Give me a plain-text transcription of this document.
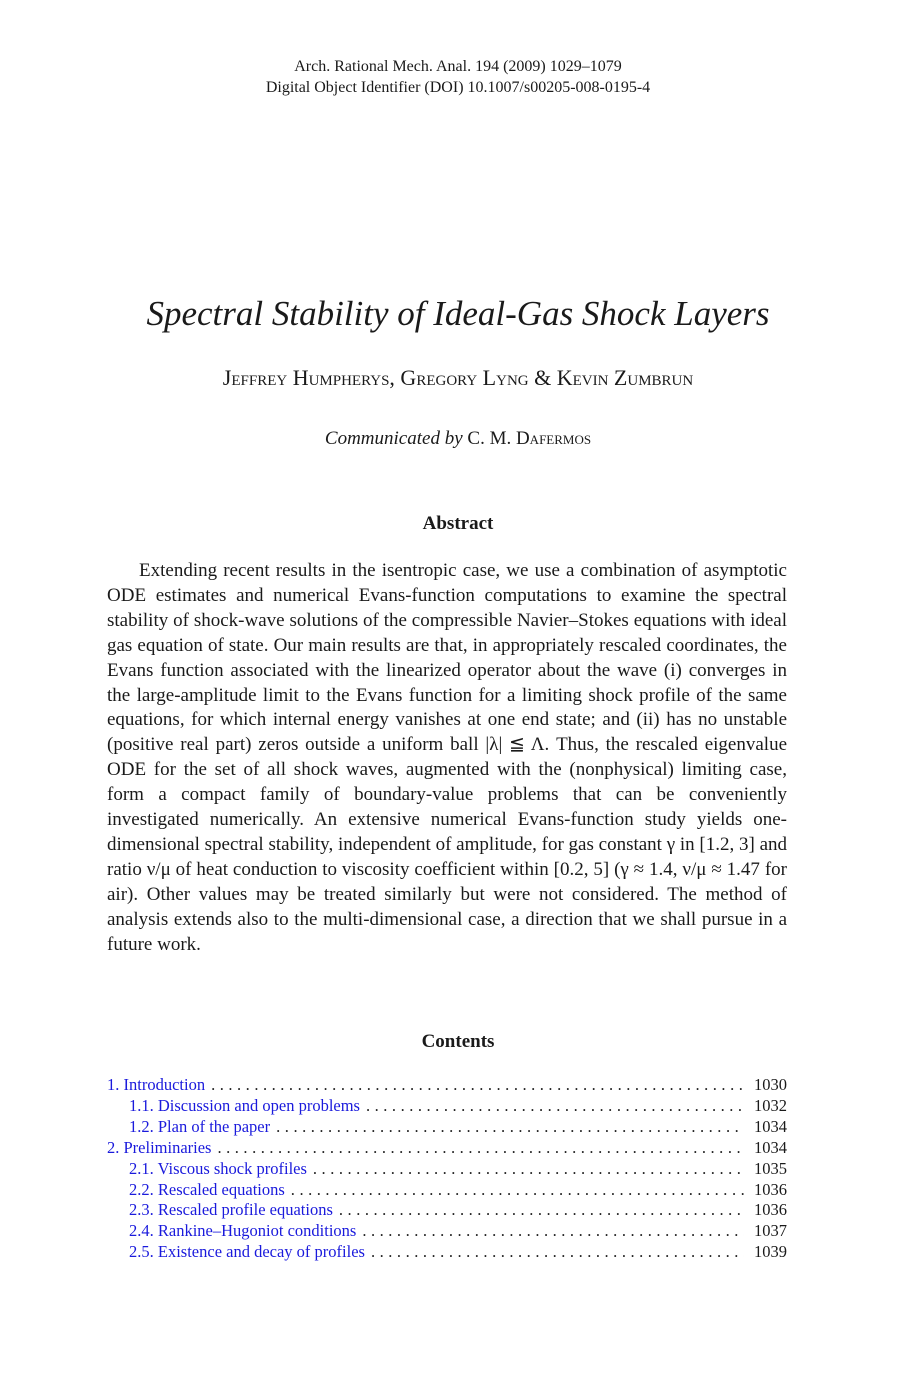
Arch. Rational Mech. Anal. 194 (2009) 1029–1079
Digital Object Identifier (DOI) 10.1007/s00205-008-0195-4
Spectral Stability of Ideal-Gas Shock Layers
Jeffrey Humpherys, Gregory Lyng & Kevin Zumbrun
Communicated by C. M. Dafermos
Abstract

Extending recent results in the isentropic case, we use a combination of asymptotic ODE estimates and numerical Evans-function computations to examine the spectral stability of shock-wave solutions of the compressible Navier–Stokes equations with ideal gas equation of state. Our main results are that, in appropriately rescaled coordinates, the Evans function associated with the linearized operator about the wave (i) converges in the large-amplitude limit to the Evans function for a limiting shock profile of the same equations, for which internal energy vanishes at one end state; and (ii) has no unstable (positive real part) zeros outside a uniform ball |λ| ≦ Λ. Thus, the rescaled eigenvalue ODE for the set of all shock waves, augmented with the (nonphysical) limiting case, form a compact family of boundary-value problems that can be conveniently investigated numerically. An extensive numerical Evans-function study yields one-dimensional spectral stability, independent of amplitude, for gas constant γ in [1.2, 3] and ratio ν/μ of heat conduction to viscosity coefficient within [0.2, 5] (γ ≈ 1.4, ν/μ ≈ 1.47 for air). Other values may be treated similarly but were not considered. The method of analysis extends also to the multi-dimensional case, a direction that we shall pursue in a future work.

Contents
1. Introduction . . .	1030
1.1. Discussion and open problems . . .	1032
1.2. Plan of the paper . . .	1034
2. Preliminaries . . .	1034
2.1. Viscous shock profiles . . .	1035
2.2. Rescaled equations . . .	1036
2.3. Rescaled profile equations . . .	1036
2.4. Rankine–Hugoniot conditions . . .	1037
2.5. Existence and decay of profiles . . .	1039
